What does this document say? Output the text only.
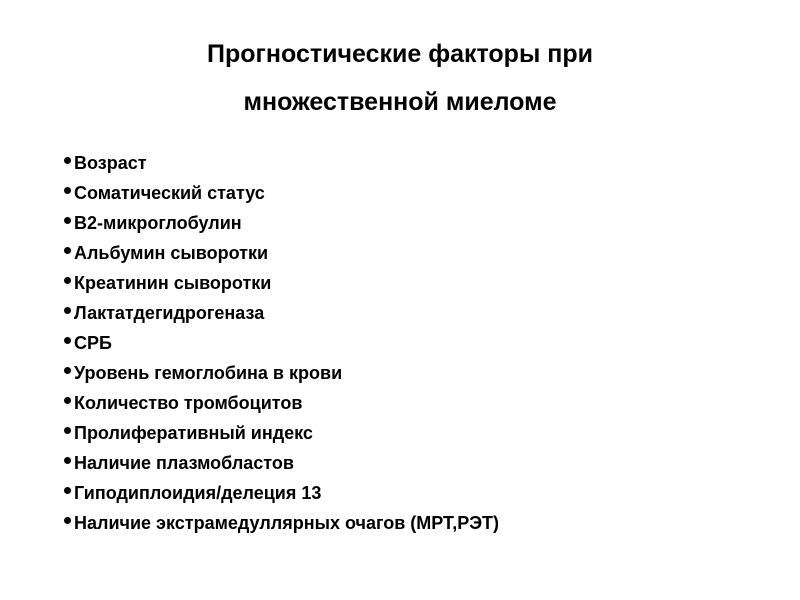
Прогностические факторы при
множественной миеломе
Возраст
Соматический статус
В2-микроглобулин
Альбумин сыворотки
Креатинин сыворотки
Лактатдегидрогеназа
СРБ
Уровень гемоглобина в крови
Количество тромбоцитов
Пролиферативный индекс
Наличие плазмобластов
Гиподиплоидия/делеция 13
Наличие экстрамедуллярных очагов (МРТ,РЭТ)
